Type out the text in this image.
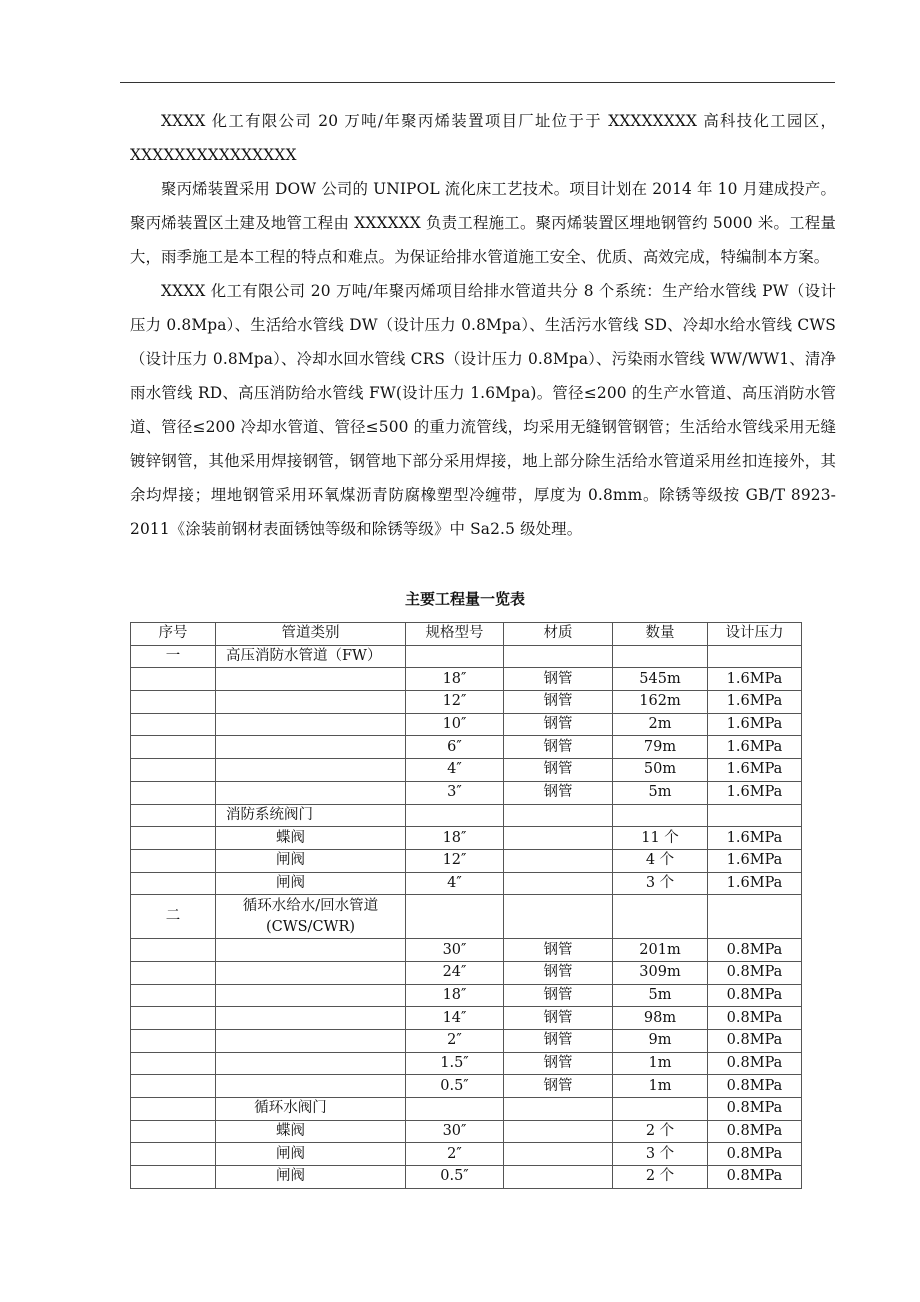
XXXX 化工有限公司 20 万吨/年聚丙烯装置项目厂址位于于 XXXXXXXX 高科技化工园区，XXXXXXXXXXXXXXX

聚丙烯装置采用 DOW 公司的 UNIPOL 流化床工艺技术。项目计划在 2014 年 10 月建成投产。聚丙烯装置区土建及地管工程由 XXXXXX 负责工程施工。聚丙烯装置区埋地钢管约 5000 米。工程量大，雨季施工是本工程的特点和难点。为保证给排水管道施工安全、优质、高效完成，特编制本方案。

XXXX 化工有限公司 20 万吨/年聚丙烯项目给排水管道共分 8 个系统：生产给水管线 PW（设计压力 0.8Mpa）、生活给水管线 DW（设计压力 0.8Mpa）、生活污水管线 SD、冷却水给水管线 CWS（设计压力 0.8Mpa）、冷却水回水管线 CRS（设计压力 0.8Mpa）、污染雨水管线 WW/WW1、清净雨水管线 RD、高压消防给水管线 FW(设计压力 1.6Mpa)。管径≤200 的生产水管道、高压消防水管道、管径≤200 冷却水管道、管径≤500 的重力流管线，均采用无缝钢管钢管；生活给水管线采用无缝镀锌钢管，其他采用焊接钢管，钢管地下部分采用焊接，地上部分除生活给水管道采用丝扣连接外，其余均焊接；埋地钢管采用环氧煤沥青防腐橡塑型冷缠带，厚度为 0.8mm。除锈等级按 GB/T 8923-2011《涂装前钢材表面锈蚀等级和除锈等级》中 Sa2.5 级处理。

主要工程量一览表
序号	管道类别	规格型号	材质	数量	设计压力
一	高压消防水管道（FW）				
		18″	钢管	545m	1.6MPa
		12″	钢管	162m	1.6MPa
		10″	钢管	2m	1.6MPa
		6″	钢管	79m	1.6MPa
		4″	钢管	50m	1.6MPa
		3″	钢管	5m	1.6MPa
	消防系统阀门				
	蝶阀	18″		11 个	1.6MPa
	闸阀	12″		4 个	1.6MPa
	闸阀	4″		3 个	1.6MPa
二	循环水给水/回水管道
(CWS/CWR)				

		30″	钢管	201m	0.8MPa
		24″	钢管	309m	0.8MPa
		18″	钢管	5m	0.8MPa
		14″	钢管	98m	0.8MPa
		2″	钢管	9m	0.8MPa
		1.5″	钢管	1m	0.8MPa
		0.5″	钢管	1m	0.8MPa
	循环水阀门				0.8MPa
	蝶阀	30″		2 个	0.8MPa
	闸阀	2″		3 个	0.8MPa
	闸阀	0.5″		2 个	0.8MPa
